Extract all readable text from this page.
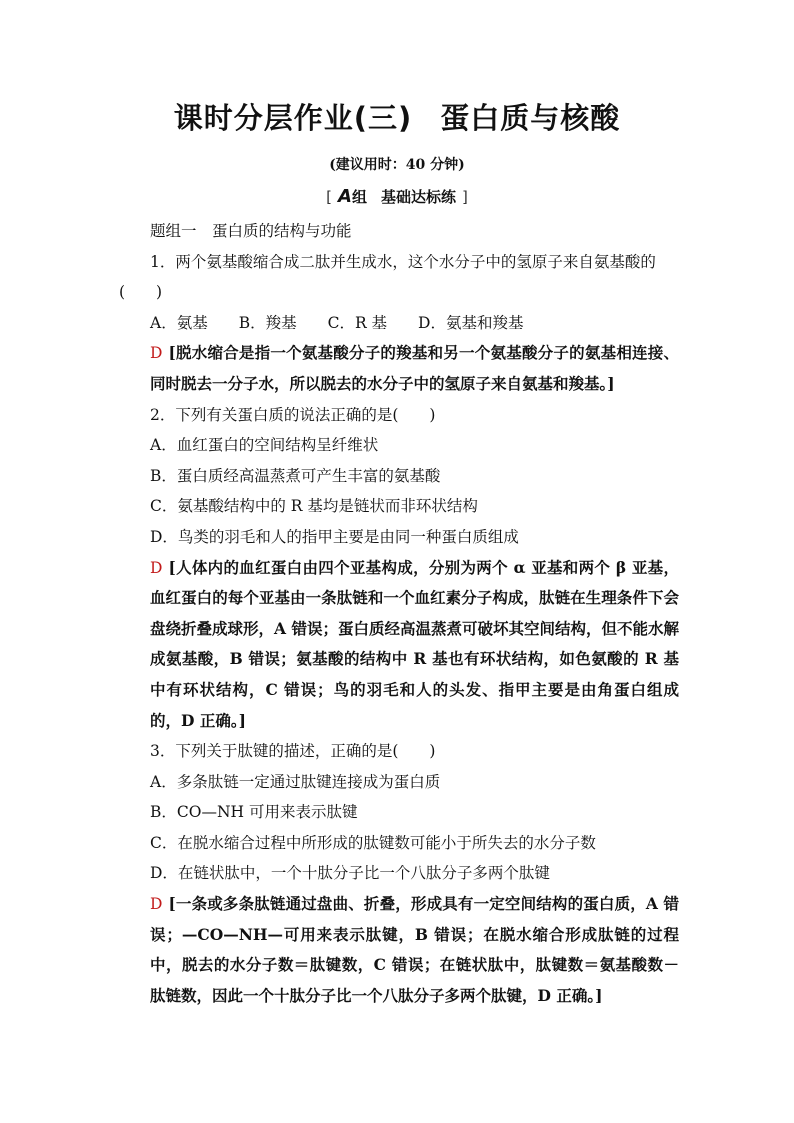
课时分层作业(三) 蛋白质与核酸
(建议用时：40 分钟)
[ A组 基础达标练 ]
题组一　蛋白质的结构与功能
1．两个氨基酸缩合成二肽并生成水，这个水分子中的氢原子来自氨基酸的
(　　)
A．氨基　　B．羧基　　C．R 基　　D．氨基和羧基
D [脱水缩合是指一个氨基酸分子的羧基和另一个氨基酸分子的氨基相连接、同时脱去一分子水，所以脱去的水分子中的氢原子来自氨基和羧基。]
2．下列有关蛋白质的说法正确的是(　　)
A．血红蛋白的空间结构呈纤维状
B．蛋白质经高温蒸煮可产生丰富的氨基酸
C．氨基酸结构中的 R 基均是链状而非环状结构
D．鸟类的羽毛和人的指甲主要是由同一种蛋白质组成
D [人体内的血红蛋白由四个亚基构成，分别为两个 α 亚基和两个 β 亚基，血红蛋白的每个亚基由一条肽链和一个血红素分子构成，肽链在生理条件下会盘绕折叠成球形，A 错误；蛋白质经高温蒸煮可破坏其空间结构，但不能水解成氨基酸，B 错误；氨基酸的结构中 R 基也有环状结构，如色氨酸的 R 基中有环状结构，C 错误；鸟的羽毛和人的头发、指甲主要是由角蛋白组成的，D 正确。]
3．下列关于肽键的描述，正确的是(　　)
A．多条肽链一定通过肽键连接成为蛋白质
B．CO—NH 可用来表示肽键
C．在脱水缩合过程中所形成的肽键数可能小于所失去的水分子数
D．在链状肽中，一个十肽分子比一个八肽分子多两个肽键
D [一条或多条肽链通过盘曲、折叠，形成具有一定空间结构的蛋白质，A 错误；—CO—NH—可用来表示肽键，B 错误；在脱水缩合形成肽链的过程中，脱去的水分子数＝肽键数，C 错误；在链状肽中，肽键数＝氨基酸数－肽链数，因此一个十肽分子比一个八肽分子多两个肽键，D 正确。]
